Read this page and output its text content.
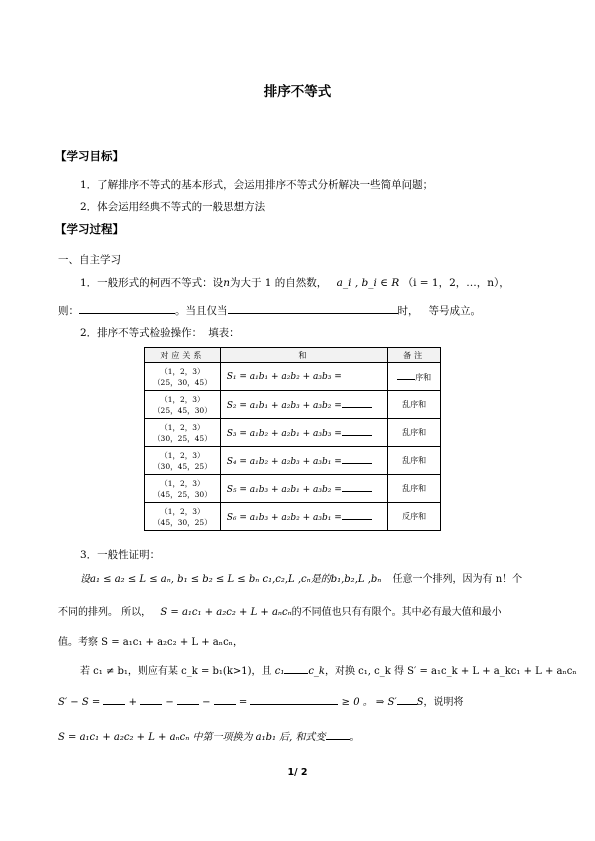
排序不等式
【学习目标】
1．了解排序不等式的基本形式，会运用排序不等式分析解决一些简单问题；
2．体会运用经典不等式的一般思想方法
【学习过程】
一、自主学习
1．一般形式的柯西不等式：设n为大于 1 的自然数， a_i , b_i ∈ R （i = 1，2，…，n），
则：	。当且仅当	时， 等号成立。
2．排序不等式检验操作： 填表：
对应关系	和	备注

（1，2，3）
（25，30，45）	S₁ = a₁b₁ + a₂b₂ + a₃b₃ =	序和

（1，2，3）
（25，45，30）	S₂ = a₁b₁ + a₂b₃ + a₃b₂ =	乱序和

（1，2，3）
（30，25，45）	S₃ = a₁b₂ + a₂b₁ + a₃b₃ =	乱序和

（1，2，3）
（30，45，25）	S₄ = a₁b₂ + a₂b₃ + a₃b₁ =	乱序和

（1，2，3）
（45，25，30）	S₅ = a₁b₃ + a₂b₁ + a₃b₂ =	乱序和

（1，2，3）
（45，30，25）	S₆ = a₁b₃ + a₂b₂ + a₃b₁ =	反序和
3．一般性证明：
设a₁ ≤ a₂ ≤ L ≤ aₙ, b₁ ≤ b₂ ≤ L ≤ bₙ c₁,c₂,L ,cₙ是的b₁,b₂,L ,bₙ 任意一个排列，因为有 n！个
不同的排列。 所以， S = a₁c₁ + a₂c₂ + L + aₙcₙ的不同值也只有有限个。其中必有最大值和最小
值。考察 S = a₁c₁ + a₂c₂ + L + aₙcₙ，
若 c₁ ≠ b₁，则应有某 c_k = b₁(k>1)，且 c₁ c_k，对换 c₁, c_k 得 S′ = a₁c_k + L + a_kc₁ + L + aₙcₙ
S′ − S =	+  −  −  =	≥ 0 。 ⇒ S′ S，说明将
S = a₁c₁ + a₂c₂ + L + aₙcₙ 中第一项换为 a₁b₁ 后, 和式变 。
1/ 2
